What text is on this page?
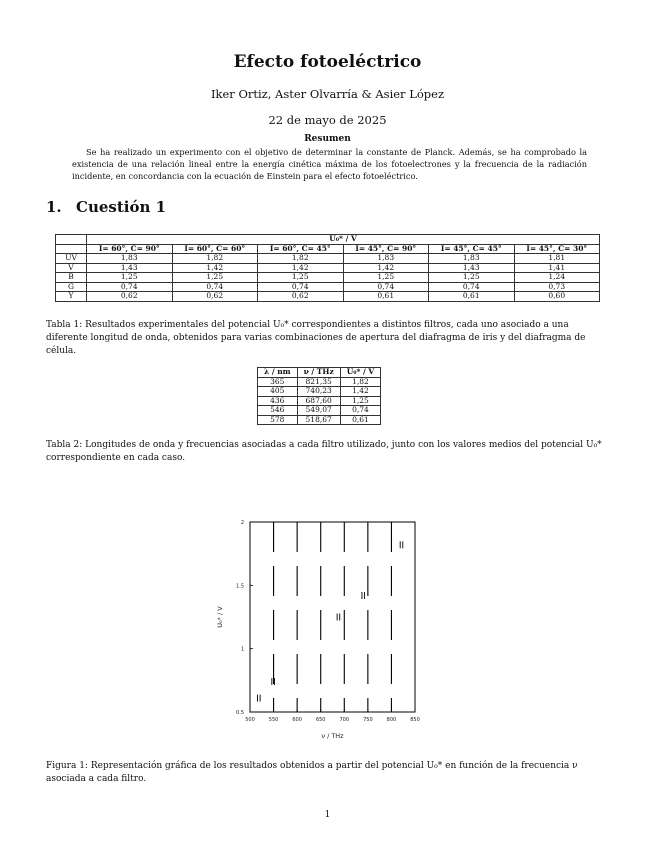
Efecto fotoeléctrico
Iker Ortiz, Aster Olvarría & Asier López
22 de mayo de 2025
Resumen
Se ha realizado un experimento con el objetivo de determinar la constante de Planck. Además, se ha comprobado la existencia de una relación lineal entre la energía cinética máxima de los fotoelectrones y la frecuencia de la radiación incidente, en concordancia con la ecuación de Einstein para el efecto fotoeléctrico.
1. Cuestión 1
	U₀* / V					
	I= 60°, C= 90°	I= 60°, C= 60°	I= 60°, C= 45°	I= 45°, C= 90°	I= 45°, C= 45°	I= 45°, C= 30°
UV	1,83	1,82	1,82	1,83	1,83	1,81
V	1,43	1,42	1,42	1,42	1,43	1,41
B	1,25	1,25	1,25	1,25	1,25	1,24
G	0,74	0,74	0,74	0,74	0,74	0,73
Y	0,62	0,62	0,62	0,61	0,61	0,60
Tabla 1: Resultados experimentales del potencial U₀* correspondientes a distintos filtros, cada uno asociado a una diferente longitud de onda, obtenidos para varias combinaciones de apertura del diafragma de iris y del diafragma de célula.
λ / nm	ν / THz	U₀* / V
365	821,35	1,82
405	740,23	1,42
436	687,60	1,25
546	549,07	0,74
578	518,67	0,61
Tabla 2: Longitudes de onda y frecuencias asociadas a cada filtro utilizado, junto con los valores medios del potencial U₀* correspondiente en cada caso.
500	550	600	650	700	750	800	850
0.5
1
1.5
2
ν / THz
U₀* / V
Figura 1: Representación gráfica de los resultados obtenidos a partir del potencial U₀* en función de la frecuencia ν asociada a cada filtro.
1
